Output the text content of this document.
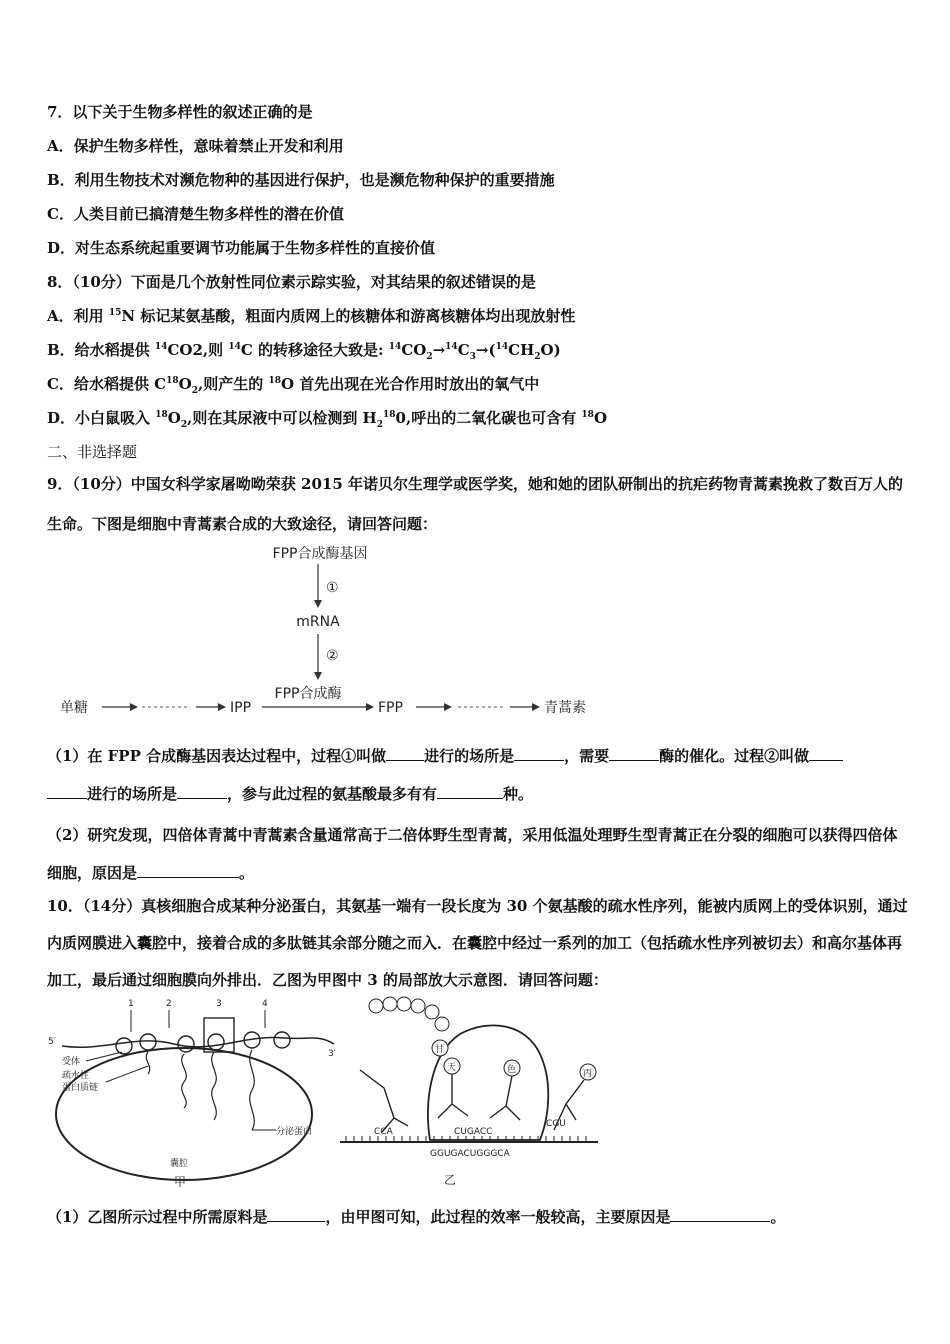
7．以下关于生物多样性的叙述正确的是
A．保护生物多样性，意味着禁止开发和利用
B．利用生物技术对濒危物种的基因进行保护，也是濒危物种保护的重要措施
C．人类目前已搞清楚生物多样性的潜在价值
D．对生态系统起重要调节功能属于生物多样性的直接价值
8．（10分）下面是几个放射性同位素示踪实验，对其结果的叙述错误的是
A．利用 $^{15}$N 标记某氨基酸，粗面内质网上的核糖体和游离核糖体均出现放射性
B．给水稻提供 $^{14}$CO2,则 $^{14}$C 的转移途径大致是: $^{14}CO_2\to^{14}C_3\to(^{14}CH_2O)$
C．给水稻提供 $C^{18}O_2$,则产生的 $^{18}$O 首先出现在光合作用时放出的氧气中
D．小白鼠吸入 $^{18}O_2$,则在其尿液中可以检测到 $H_2^{18}0$,呼出的二氧化碳也可含有 $^{18}$O
二、非选择题
9．（10分）中国女科学家屠呦呦荣获 2015 年诺贝尔生理学或医学奖，她和她的团队研制出的抗疟药物青蒿素挽救了数百万人的生命。下图是细胞中青蒿素合成的大致途径，请回答问题：
FPP合成酶基因
①
mRNA
②
FPP合成酶
单糖	IPP	FPP	青蒿素
（1）在 FPP 合成酶基因表达过程中，过程①叫做	进行的场所是	，需要	酶的催化。过程②叫做
进行的场所是	，参与此过程的氨基酸最多有有	种。
（2）研究发现，四倍体青蒿中青蒿素含量通常高于二倍体野生型青蒿，采用低温处理野生型青蒿正在分裂的细胞可以获得四倍体细胞，原因是	。
10．（14分）真核细胞合成某种分泌蛋白，其氨基一端有一段长度为 30 个氨基酸的疏水性序列，能被内质网上的受体识别，通过内质网膜进入囊腔中，接着合成的多肽链其余部分随之而入．在囊腔中经过一系列的加工（包括疏水性序列被切去）和高尔基体再加工，最后通过细胞膜向外排出．乙图为甲图中 3 的局部放大示意图．请回答问题：
5′
3′
1	2	3	4
受体
疏水性
蛋白质链
囊腔
分泌蛋白
甲
甘
天	色	丙
CCA	CUGACC
CGU
GGUGACUGGGCA
乙
（1）乙图所示过程中所需原料是	，由甲图可知，此过程的效率一般较高，主要原因是	。
